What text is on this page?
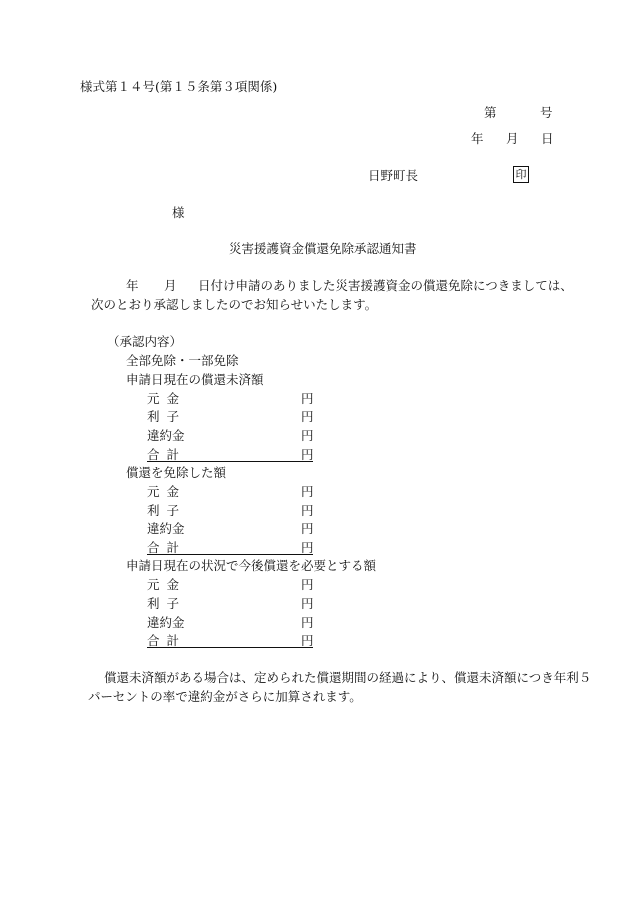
様式第１４号(第１５条第３項関係)
第	号
年 月 日
日野町長	印
様
災害援護資金償還免除承認通知書
年 月 日付け申請のありました災害援護資金の償還免除につきましては、
次のとおり承認しましたのでお知らせいたします。
（承認内容）
全部免除・一部免除
申請日現在の償還未済額
元 金	円
利 子	円
違 約 金	円
合 計	円
償還を免除した額
元 金	円
利 子	円
違 約 金	円
合 計	円
申請日現在の状況で今後償還を必要とする額
元 金	円
利 子	円
違 約 金	円
合 計	円
償還未済額がある場合は、定められた償還期間の経過により、償還未済額につき年利５
パーセントの率で違約金がさらに加算されます。
